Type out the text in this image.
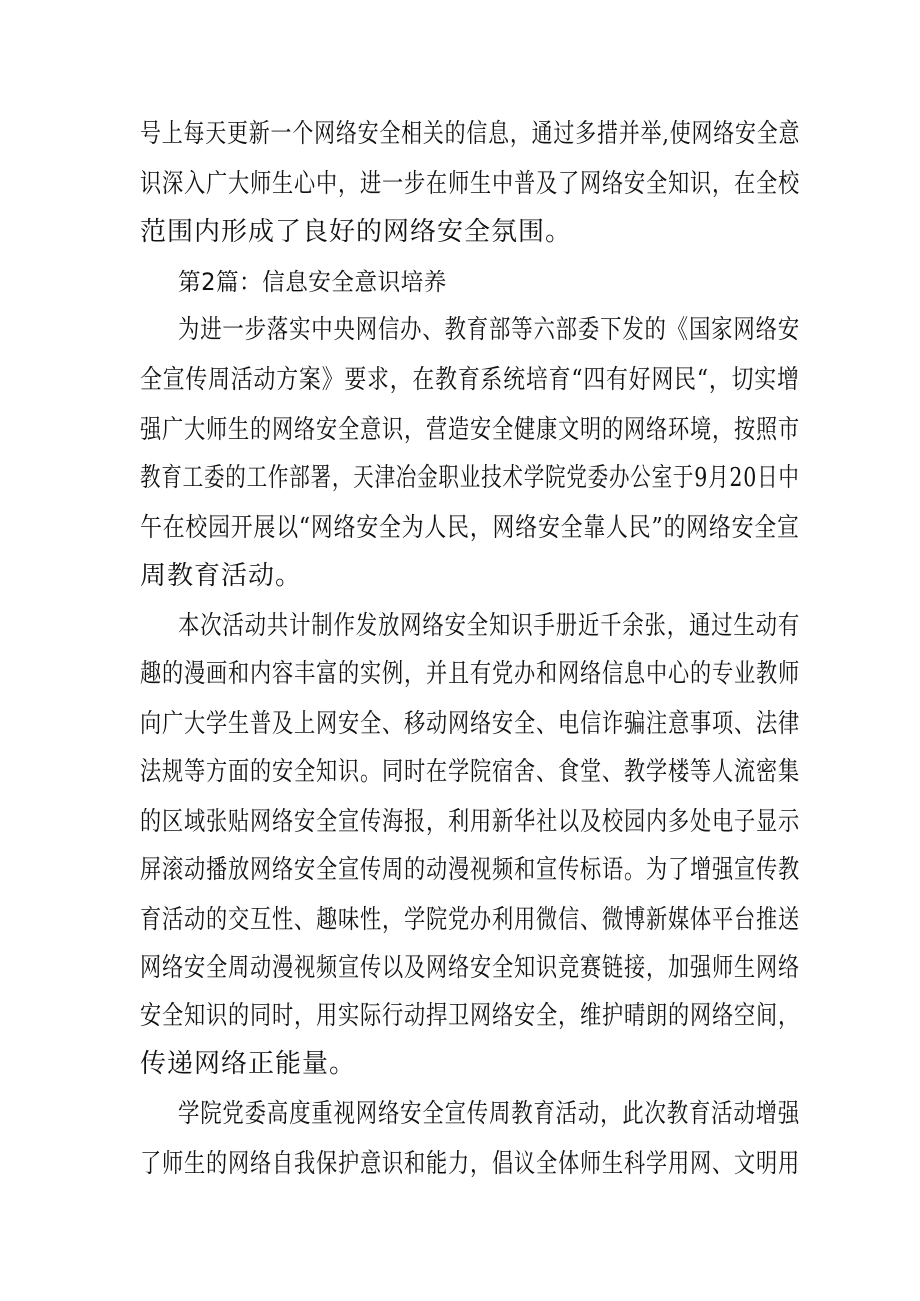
号上每天更新一个网络安全相关的信息，通过多措并举,使网络安全意
识深入广大师生心中，进一步在师生中普及了网络安全知识，在全校
范围内形成了良好的网络安全氛围。
第2篇：信息安全意识培养
为进一步落实中央网信办、教育部等六部委下发的《国家网络安
全宣传周活动方案》要求，在教育系统培育“四有好网民“，切实增
强广大师生的网络安全意识，营造安全健康文明的网络环境，按照市
教育工委的工作部署，天津冶金职业技术学院党委办公室于9月20日中
午在校园开展以“网络安全为人民，网络安全靠人民”的网络安全宣
周教育活动。
本次活动共计制作发放网络安全知识手册近千余张，通过生动有
趣的漫画和内容丰富的实例，并且有党办和网络信息中心的专业教师
向广大学生普及上网安全、移动网络安全、电信诈骗注意事项、法律
法规等方面的安全知识。同时在学院宿舍、食堂、教学楼等人流密集
的区域张贴网络安全宣传海报，利用新华社以及校园内多处电子显示
屏滚动播放网络安全宣传周的动漫视频和宣传标语。为了增强宣传教
育活动的交互性、趣味性，学院党办利用微信、微博新媒体平台推送
网络安全周动漫视频宣传以及网络安全知识竞赛链接，加强师生网络
安全知识的同时，用实际行动捍卫网络安全，维护晴朗的网络空间，
传递网络正能量。
学院党委高度重视网络安全宣传周教育活动，此次教育活动增强
了师生的网络自我保护意识和能力，倡议全体师生科学用网、文明用
